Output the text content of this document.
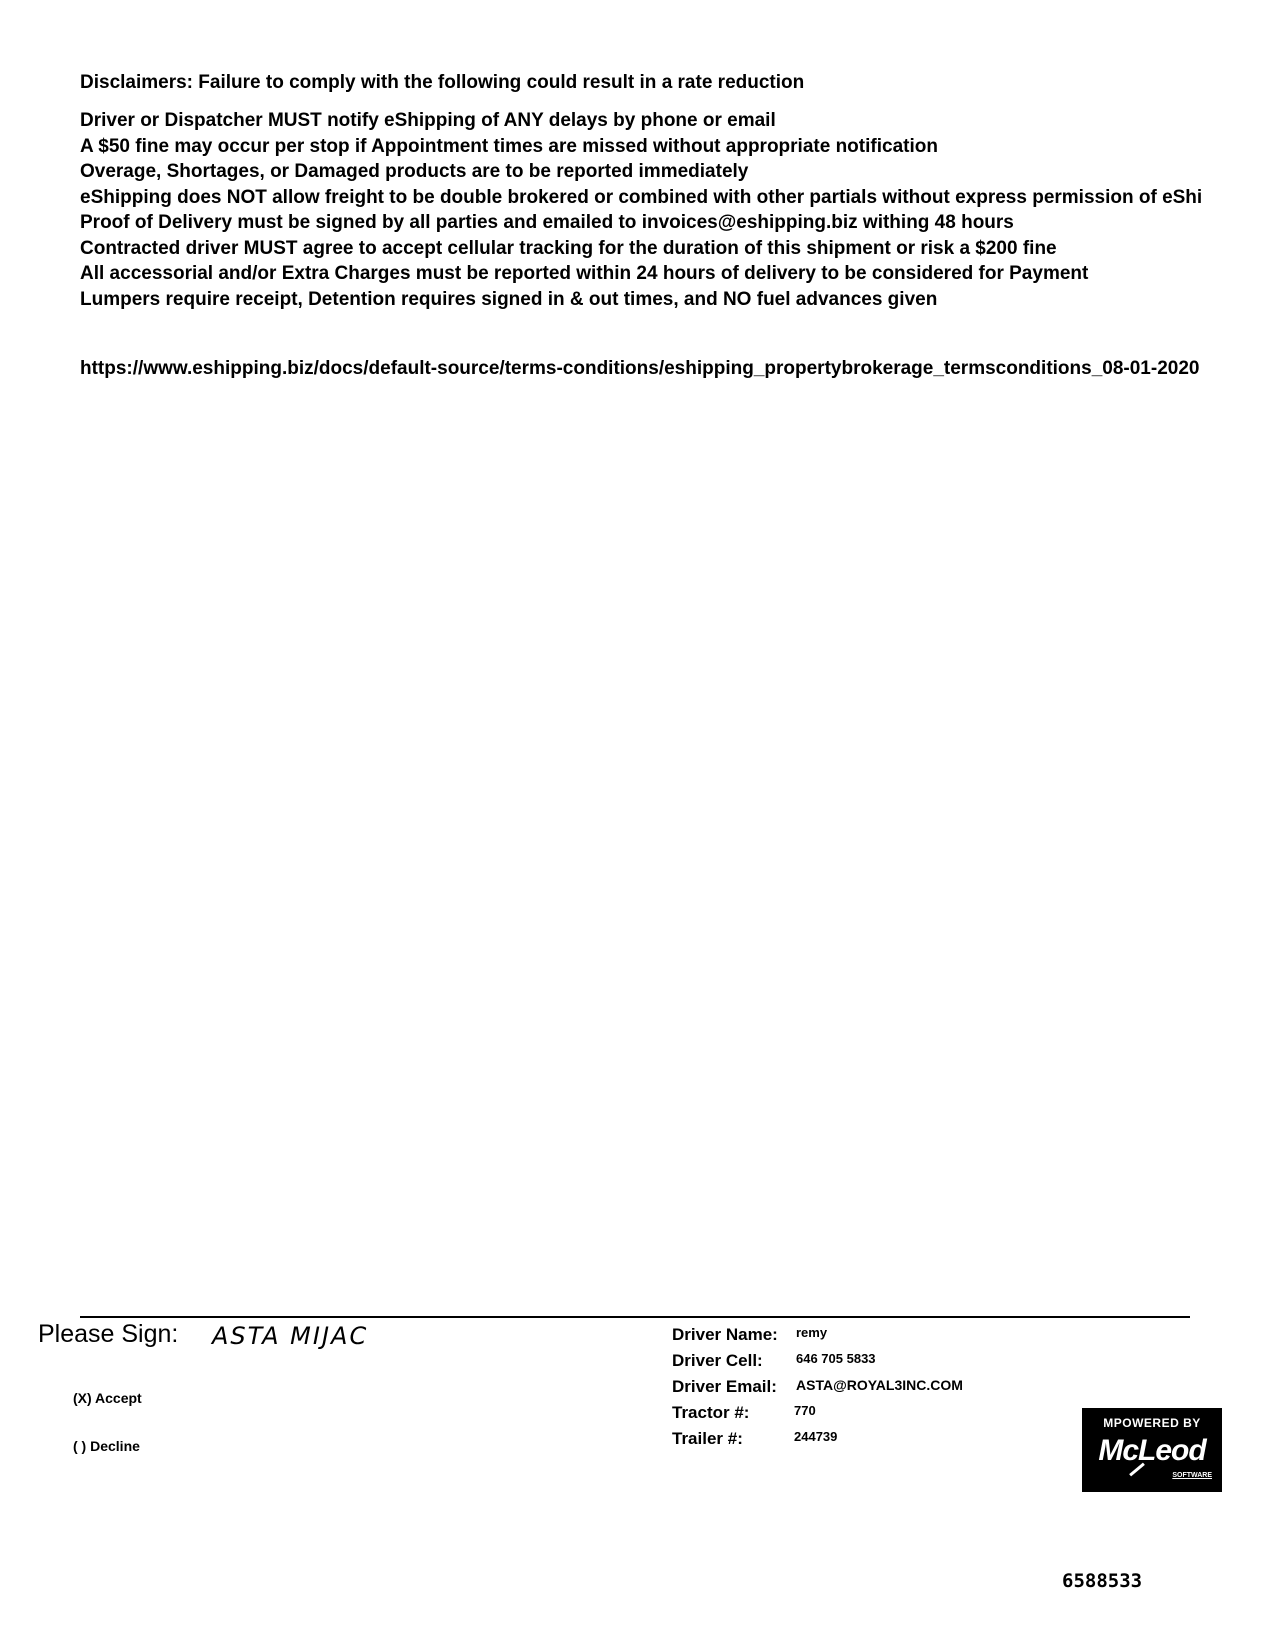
Disclaimers: Failure to comply with the following could result in a rate reduction

Driver or Dispatcher MUST notify eShipping of ANY delays by phone or email
A $50 fine may occur per stop if Appointment times are missed without appropriate notification
Overage, Shortages, or Damaged products are to be reported immediately
eShipping does NOT allow freight to be double brokered or combined with other partials without express permission of eShi
Proof of Delivery must be signed by all parties and emailed to invoices@eshipping.biz withing 48 hours
Contracted driver MUST agree to accept cellular tracking for the duration of this shipment or risk a $200 fine
All accessorial and/or Extra Charges must be reported within 24 hours of delivery to be considered for Payment
Lumpers require receipt, Detention requires signed in & out times, and NO fuel advances given

https://www.eshipping.biz/docs/default-source/terms-conditions/eshipping_propertybrokerage_termsconditions_08-01-2020

Please Sign: ASTA MIJAC
(X) Accept
( ) Decline
Driver Name: remy
Driver Cell:	646 705 5833
Driver Email: ASTA@ROYAL3INC.COM
Tractor #:	770
Trailer #:	244739
MPOWERED BY
McLeod
SOFTWARE
6588533
